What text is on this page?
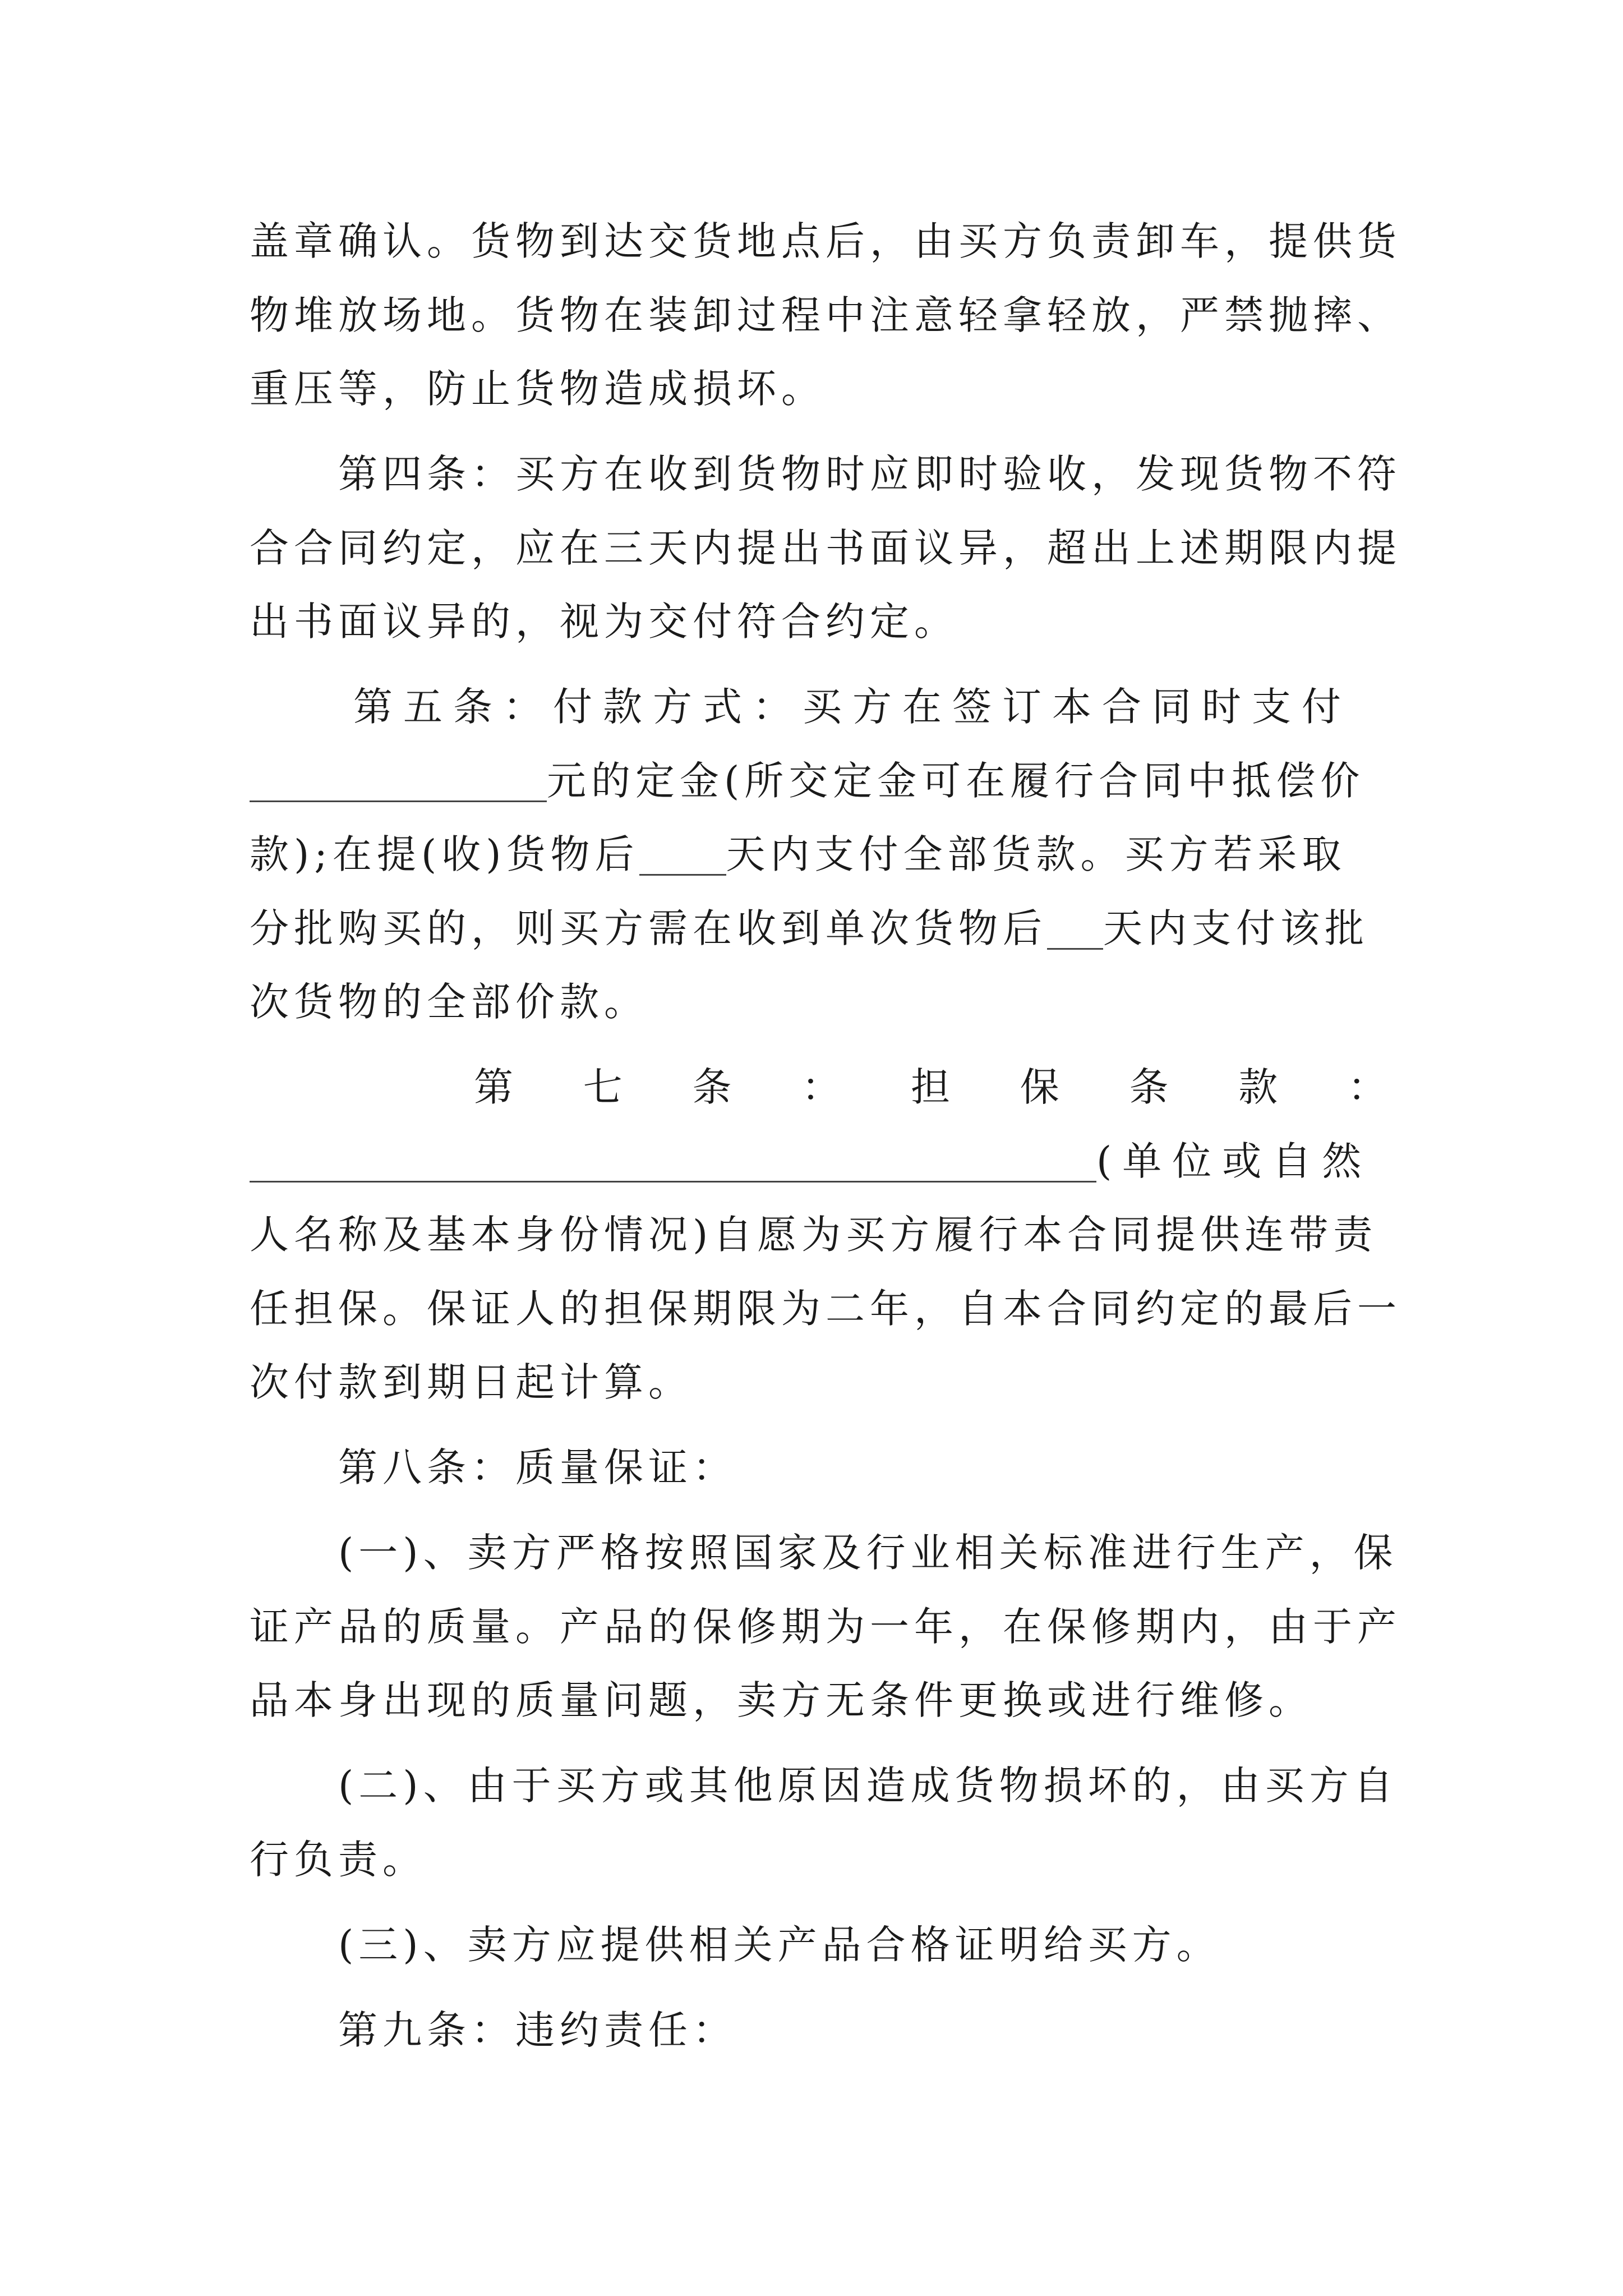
盖章确认。货物到达交货地点后，由买方负责卸车，提供货
物堆放场地。货物在装卸过程中注意轻拿轻放，严禁抛摔、
重压等，防止货物造成损坏。
第四条：买方在收到货物时应即时验收，发现货物不符
合合同约定，应在三天内提出书面议异，超出上述期限内提
出书面议异的，视为交付符合约定。
第五条：付款方式：买方在签订本合同时支付
元的定金(所交定金可在履行合同中抵偿价
款);在提(收)货物后 天内支付全部货款。买方若采取
分批购买的，则买方需在收到单次货物后 天内支付该批
次货物的全部价款。
第 七 条 ： 担 保 条 款 ：
(单位或自然
人名称及基本身份情况)自愿为买方履行本合同提供连带责
任担保。保证人的担保期限为二年，自本合同约定的最后一
次付款到期日起计算。
第八条：质量保证：
(一)、卖方严格按照国家及行业相关标准进行生产，保
证产品的质量。产品的保修期为一年，在保修期内，由于产
品本身出现的质量问题，卖方无条件更换或进行维修。
(二)、由于买方或其他原因造成货物损坏的，由买方自
行负责。
(三)、卖方应提供相关产品合格证明给买方。
第九条：违约责任：
